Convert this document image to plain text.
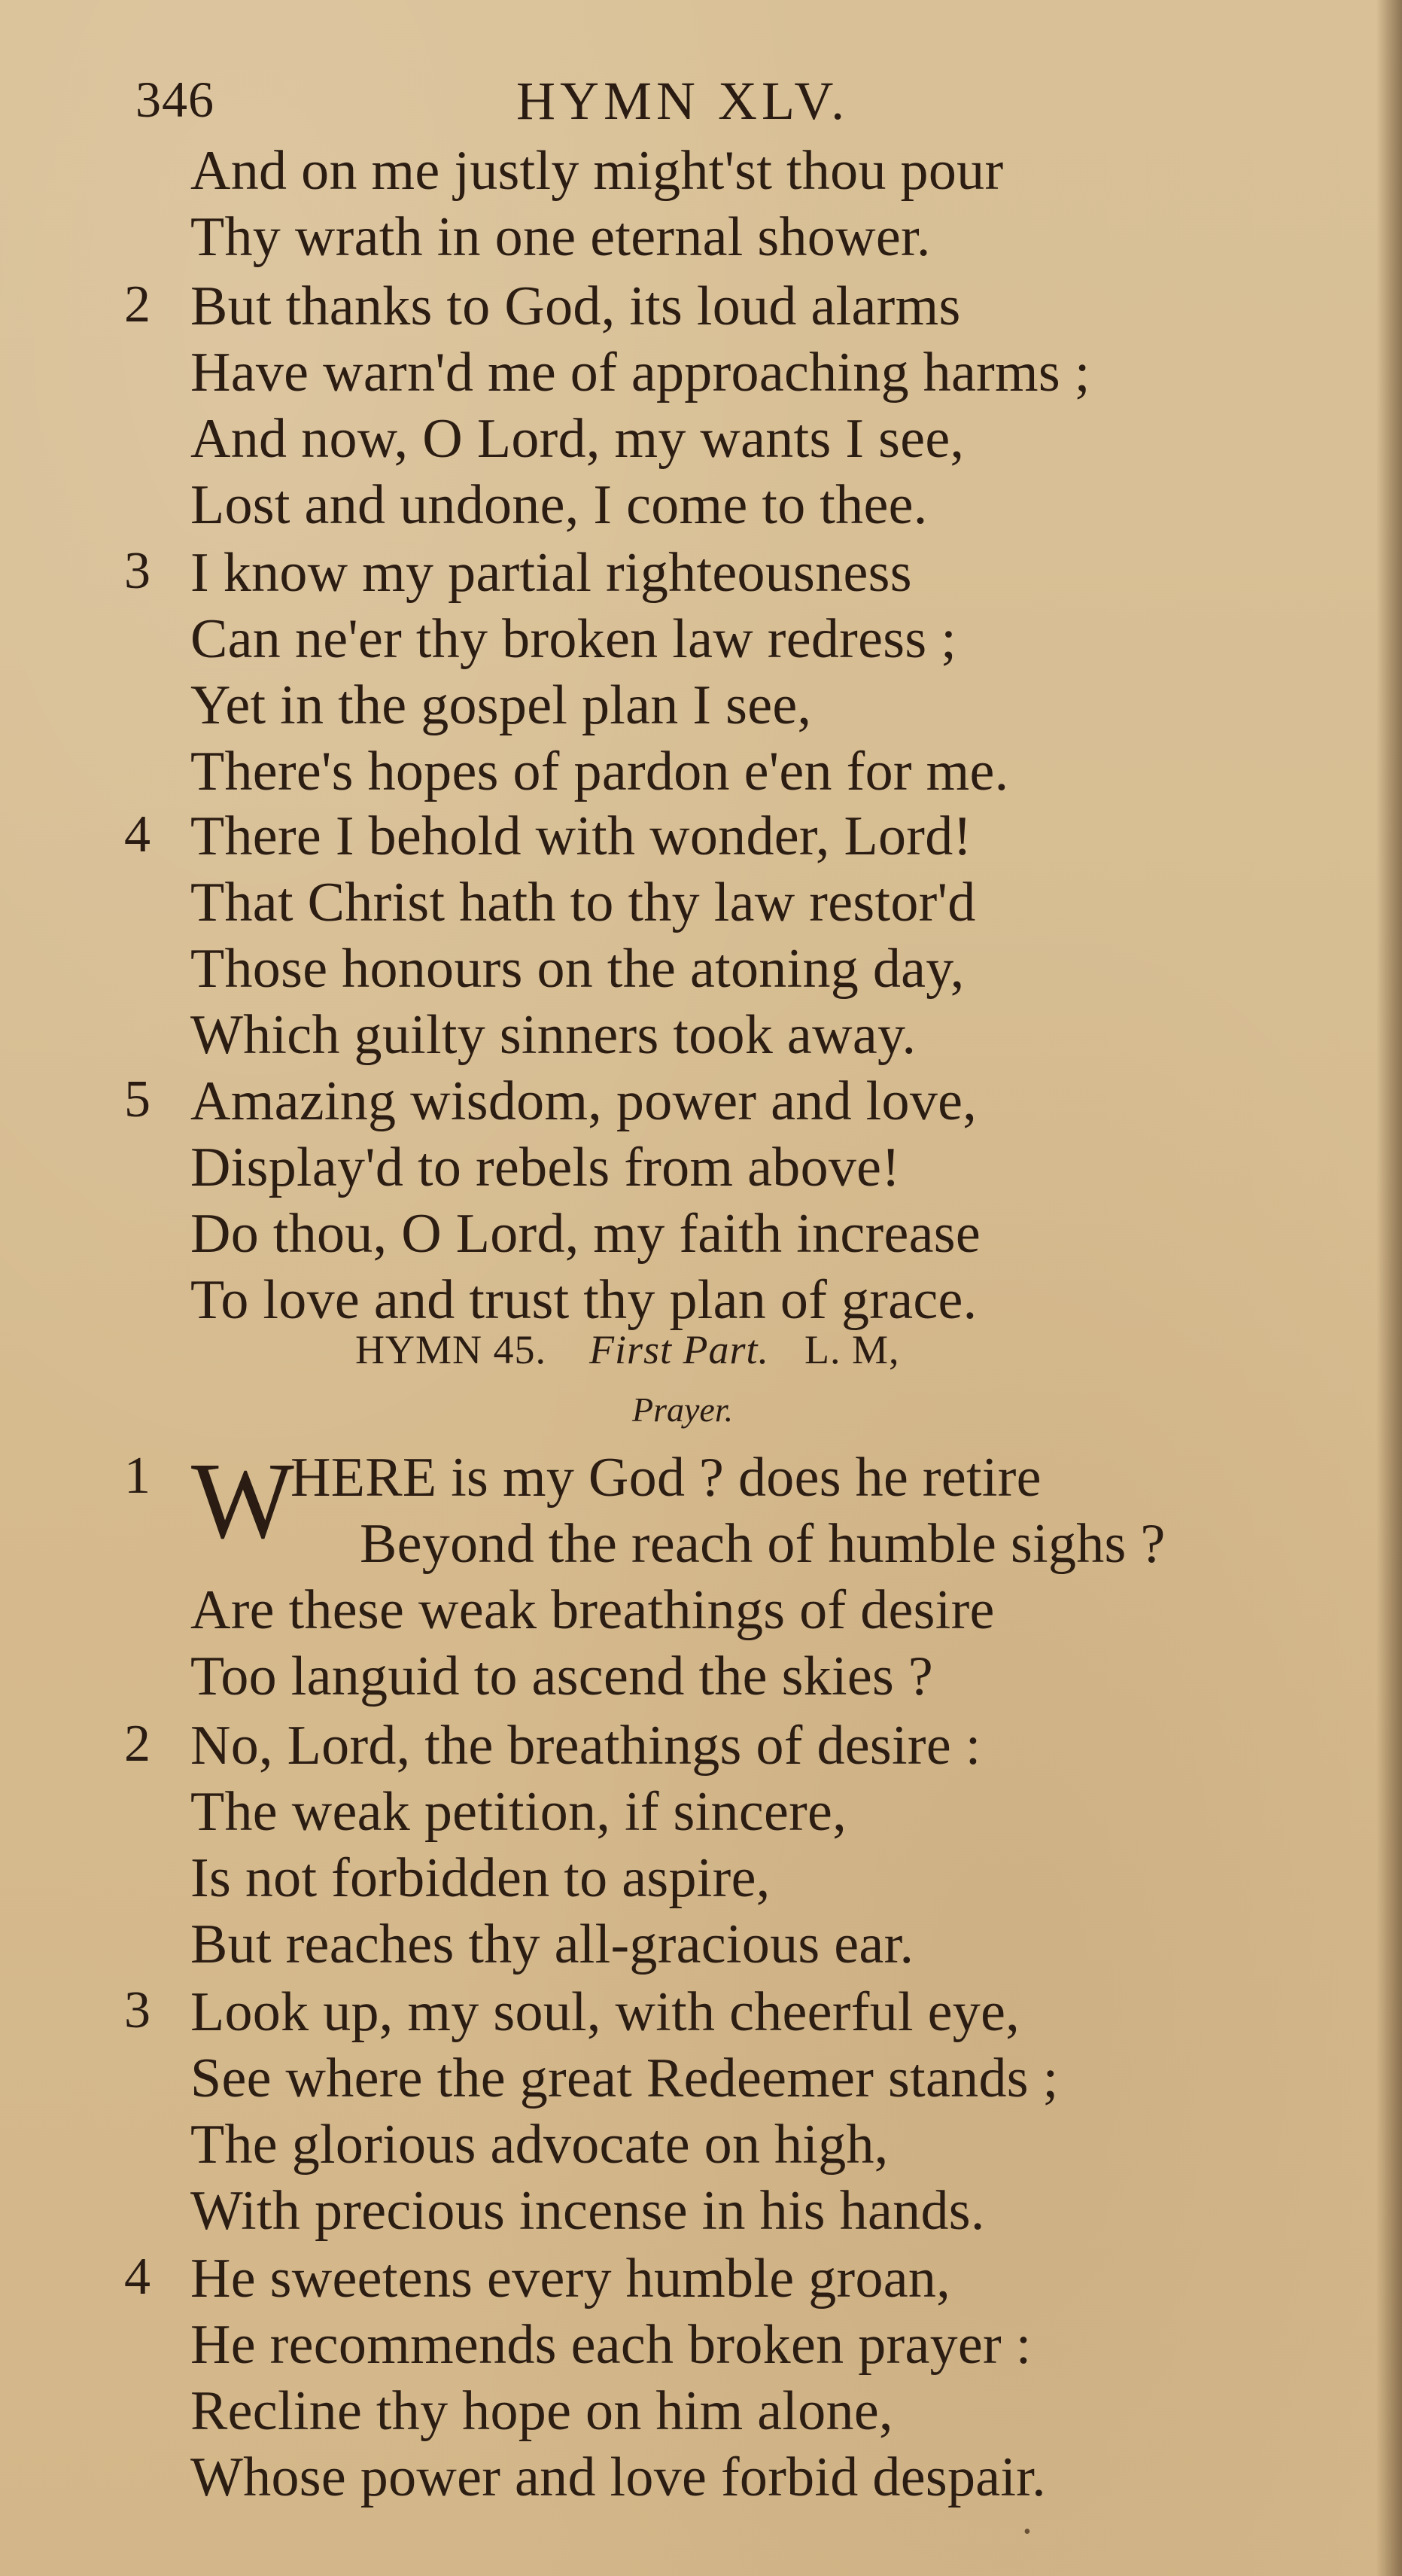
346	HYMN XLV.
And on me justly might'st thou pour
Thy wrath in one eternal shower.
2 But thanks to God, its loud alarms
Have warn'd me of approaching harms ;
And now, O Lord, my wants I see,
Lost and undone, I come to thee.
3 I know my partial righteousness
Can ne'er thy broken law redress ;
Yet in the gospel plan I see,
There's hopes of pardon e'en for me.
4 There I behold with wonder, Lord!
That Christ hath to thy law restor'd
Those honours on the atoning day,
Which guilty sinners took away.
5 Amazing wisdom, power and love,
Display'd to rebels from above!
Do thou, O Lord, my faith increase
To love and trust thy plan of grace.
HYMN 45. First Part. L. M,
Prayer.
1 W
HERE is my God ? does he retire
Beyond the reach of humble sighs ?
Are these weak breathings of desire
Too languid to ascend the skies ?
2 No, Lord, the breathings of desire :
The weak petition, if sincere,
Is not forbidden to aspire,
But reaches thy all-gracious ear.
3 Look up, my soul, with cheerful eye,
See where the great Redeemer stands ;
The glorious advocate on high,
With precious incense in his hands.
4 He sweetens every humble groan,
He recommends each broken prayer :
Recline thy hope on him alone,
Whose power and love forbid despair.
•
